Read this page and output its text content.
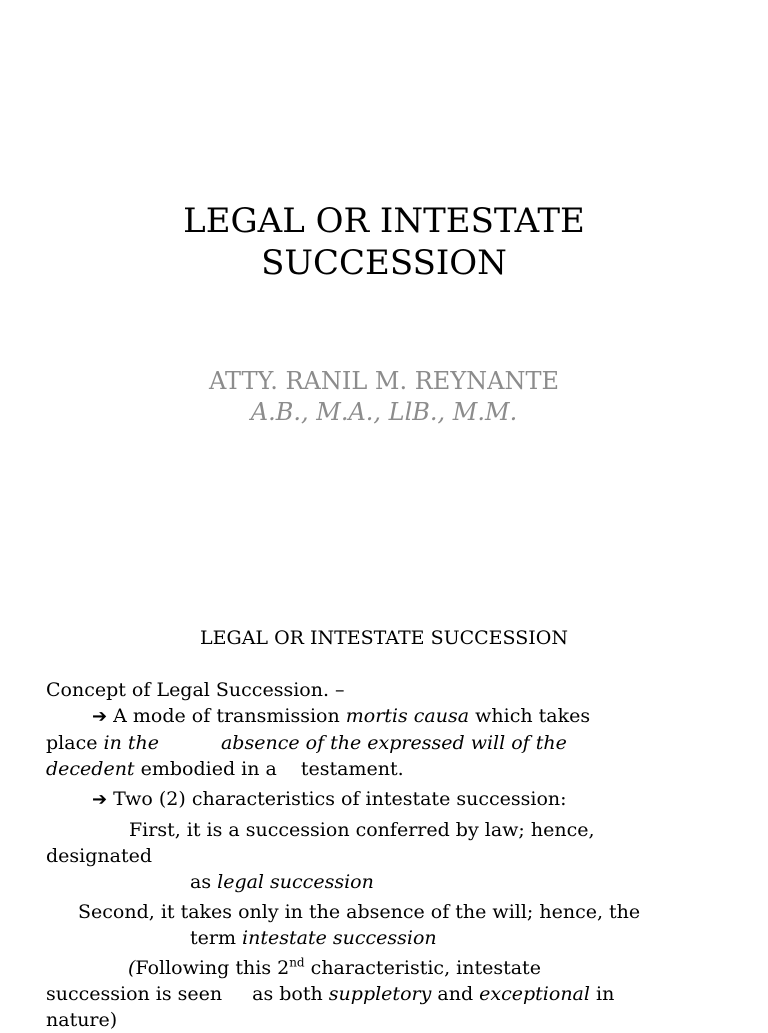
LEGAL OR INTESTATE
SUCCESSION
ATTY. RANIL M. REYNANTE
A.B., M.A., LlB., M.M.
LEGAL OR INTESTATE SUCCESSION
Concept of Legal Succession. –
➔ A mode of transmission mortis causa which takes
place in the	absence of the expressed will of the
decedent embodied in a testament.
➔ Two (2) characteristics of intestate succession:
First, it is a succession conferred by law; hence,
designated
as legal succession
Second, it takes only in the absence of the will; hence, the
term intestate succession
(Following this 2nd characteristic, intestate
succession is seen as both suppletory and exceptional in
nature)
